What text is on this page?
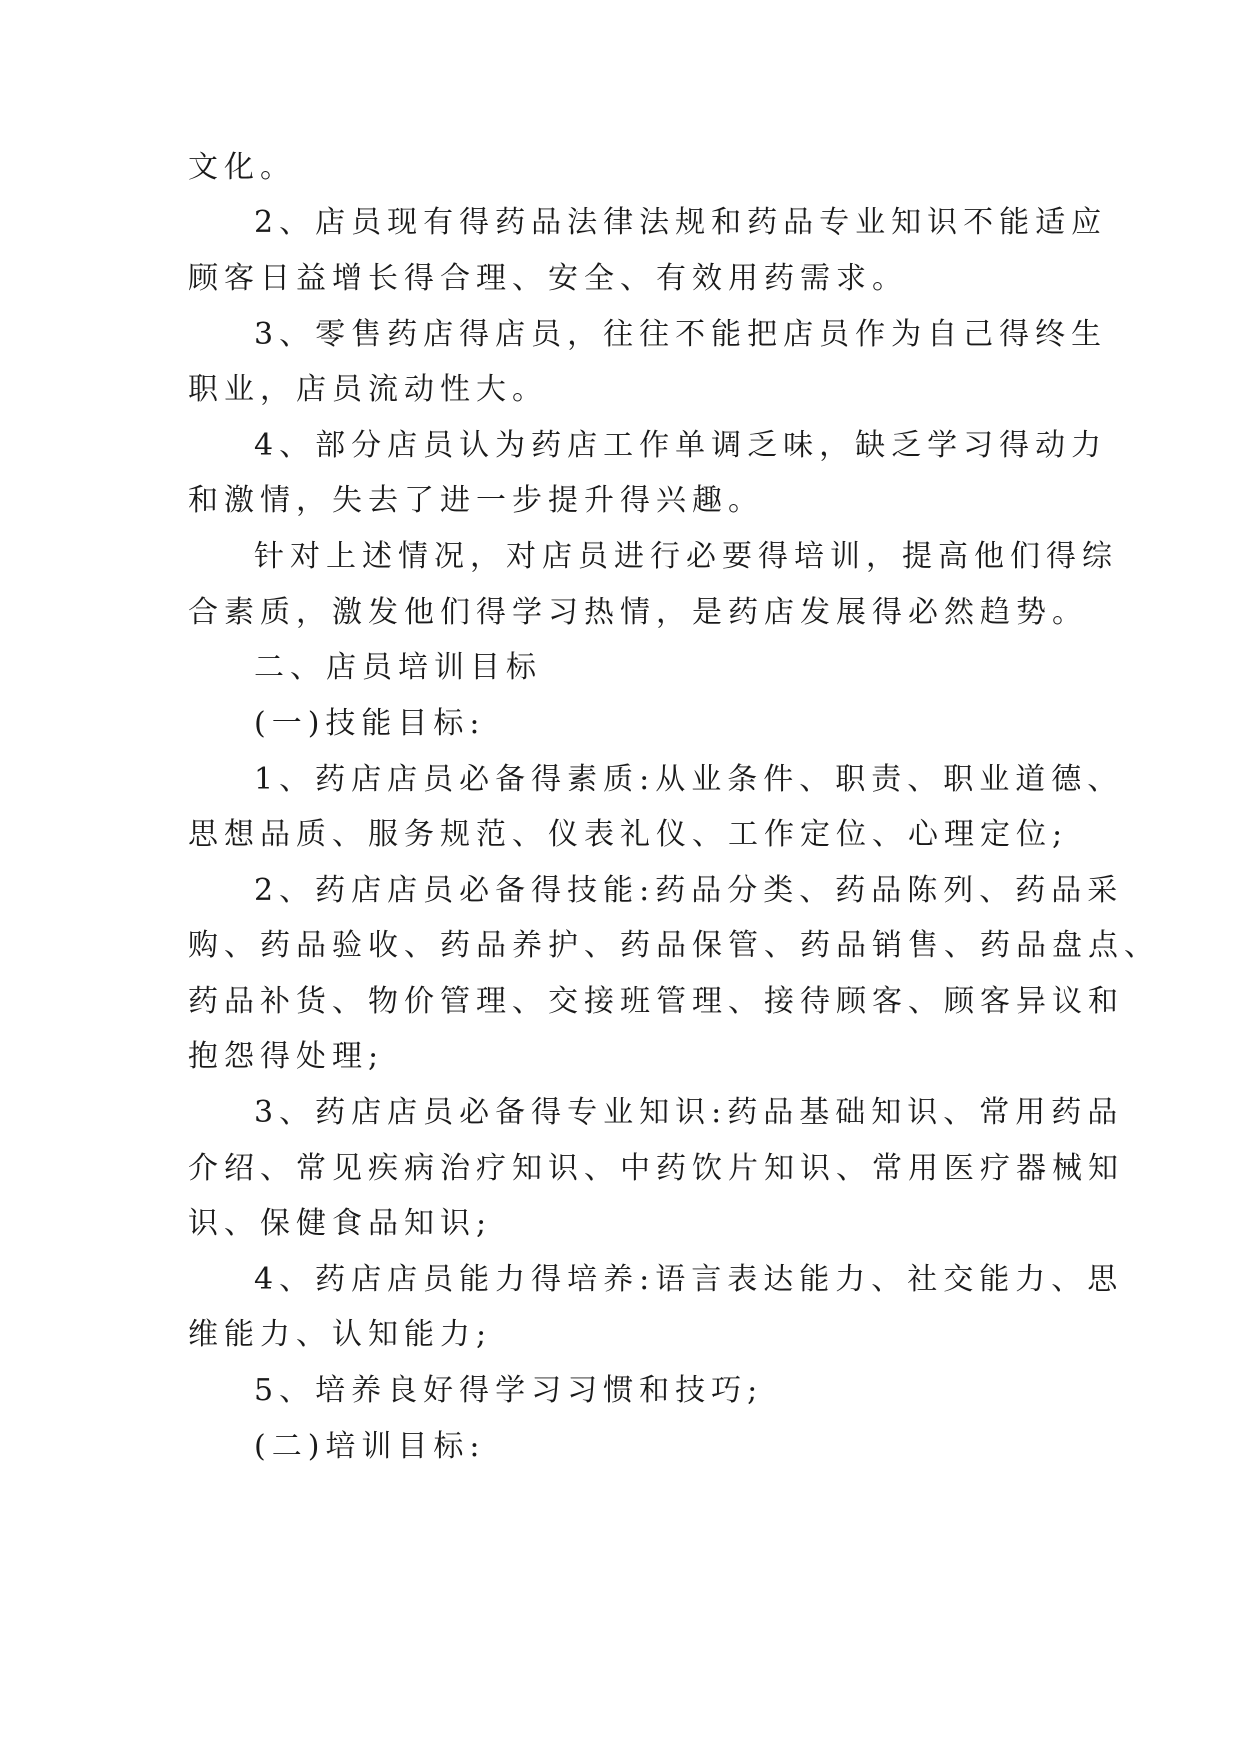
文化。
2、店员现有得药品法律法规和药品专业知识不能适应
顾客日益增长得合理、安全、有效用药需求。
3、零售药店得店员，往往不能把店员作为自己得终生
职业，店员流动性大。
4、部分店员认为药店工作单调乏味，缺乏学习得动力
和激情，失去了进一步提升得兴趣。
针对上述情况，对店员进行必要得培训，提高他们得综
合素质，激发他们得学习热情，是药店发展得必然趋势。
二、店员培训目标
(一)技能目标:
1、药店店员必备得素质:从业条件、职责、职业道德、
思想品质、服务规范、仪表礼仪、工作定位、心理定位;
2、药店店员必备得技能:药品分类、药品陈列、药品采
购、药品验收、药品养护、药品保管、药品销售、药品盘点、
药品补货、物价管理、交接班管理、接待顾客、顾客异议和
抱怨得处理;
3、药店店员必备得专业知识:药品基础知识、常用药品
介绍、常见疾病治疗知识、中药饮片知识、常用医疗器械知
识、保健食品知识;
4、药店店员能力得培养:语言表达能力、社交能力、思
维能力、认知能力;
5、培养良好得学习习惯和技巧;
(二)培训目标:
